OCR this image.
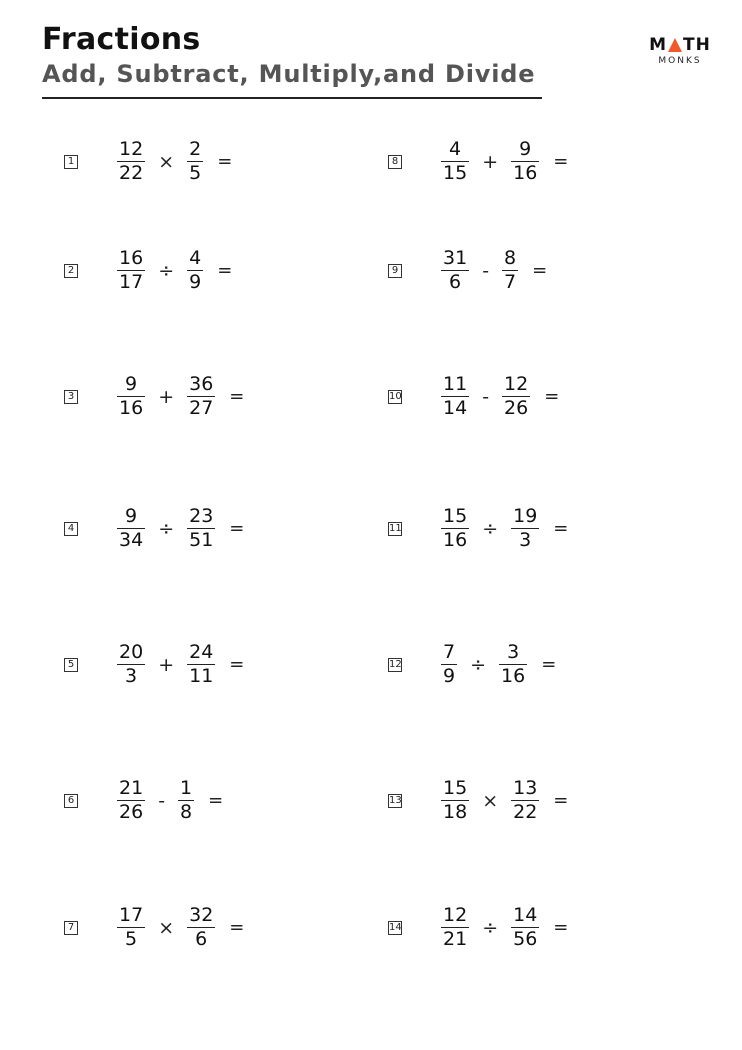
Fractions
Add, Subtract, Multiply,and Divide
M TH
MONKS
$1 \frac{12}{22} \times \frac{2}{5}$ =
$2 \frac{16}{17} \div \frac{4}{9}$ =
$3 \frac{9}{16} + \frac{36}{27}$ =
$4 \frac{9}{34} \div \frac{23}{51}$ =
$5 \frac{20}{3} + \frac{24}{11}$ =
$6 \frac{21}{26} - \frac{1}{8}$ =
$7 \frac{17}{5} \times \frac{32}{6}$ =
$8 \frac{4}{15} + \frac{9}{16}$ =
$9 \frac{31}{6} - \frac{8}{7}$ =
$10 \frac{11}{14} - \frac{12}{26}$ =
$11 \frac{15}{16} \div \frac{19}{3}$ =
$12 \frac{7}{9} \div \frac{3}{16}$ =
$13 \frac{15}{18} \times \frac{13}{22}$ =
$14 \frac{12}{21} \div \frac{14}{56}$ =
